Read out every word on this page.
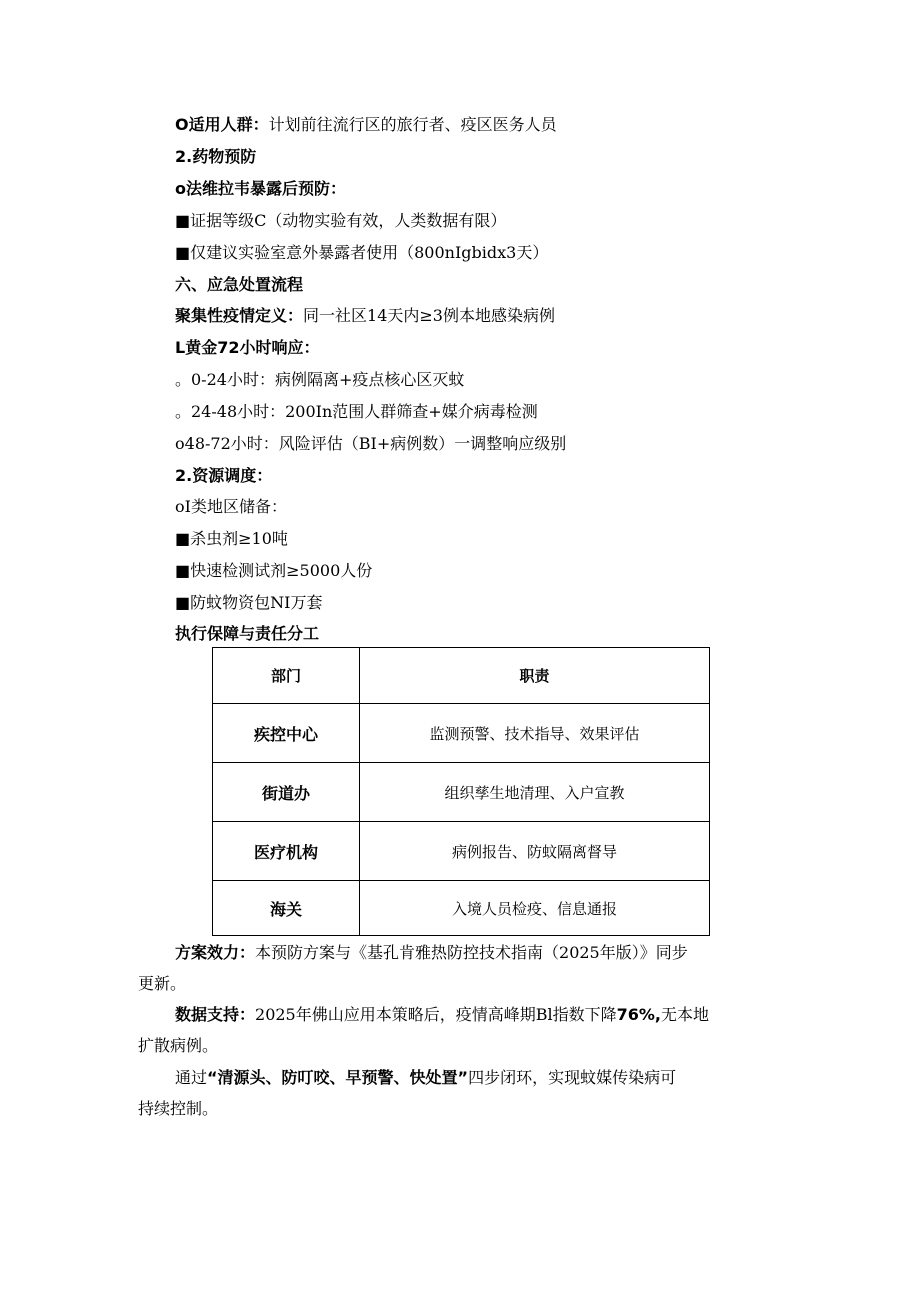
O适用人群：计划前往流行区的旅行者、疫区医务人员
2.药物预防
o法维拉韦暴露后预防：
■证据等级C（动物实验有效，人类数据有限）
■仅建议实验室意外暴露者使用（800nIgbidx3天）
六、应急处置流程
聚集性疫情定义：同一社区14天内≥3例本地感染病例
L黄金72小时响应：
。0-24小时：病例隔离+疫点核心区灭蚊
。24-48小时：200In范围人群筛查+媒介病毒检测
o48-72小时：风险评估（BI+病例数）一调整响应级别
2.资源调度：
oI类地区储备：
■杀虫剂≥10吨
■快速检测试剂≥5000人份
■防蚊物资包NI万套
执行保障与责任分工
部门	职责
疾控中心	监测预警、技术指导、效果评估
街道办	组织孳生地清理、入户宣教
医疗机构	病例报告、防蚊隔离督导
海关	入境人员检疫、信息通报
方案效力：本预防方案与《基孔肯雅热防控技术指南（2025年版）》同步
更新。
数据支持：2025年佛山应用本策略后，疫情高峰期Bl指数下降76%,无本地
扩散病例。
通过“清源头、防叮咬、早预警、快处置”四步闭环，实现蚊媒传染病可
持续控制。
